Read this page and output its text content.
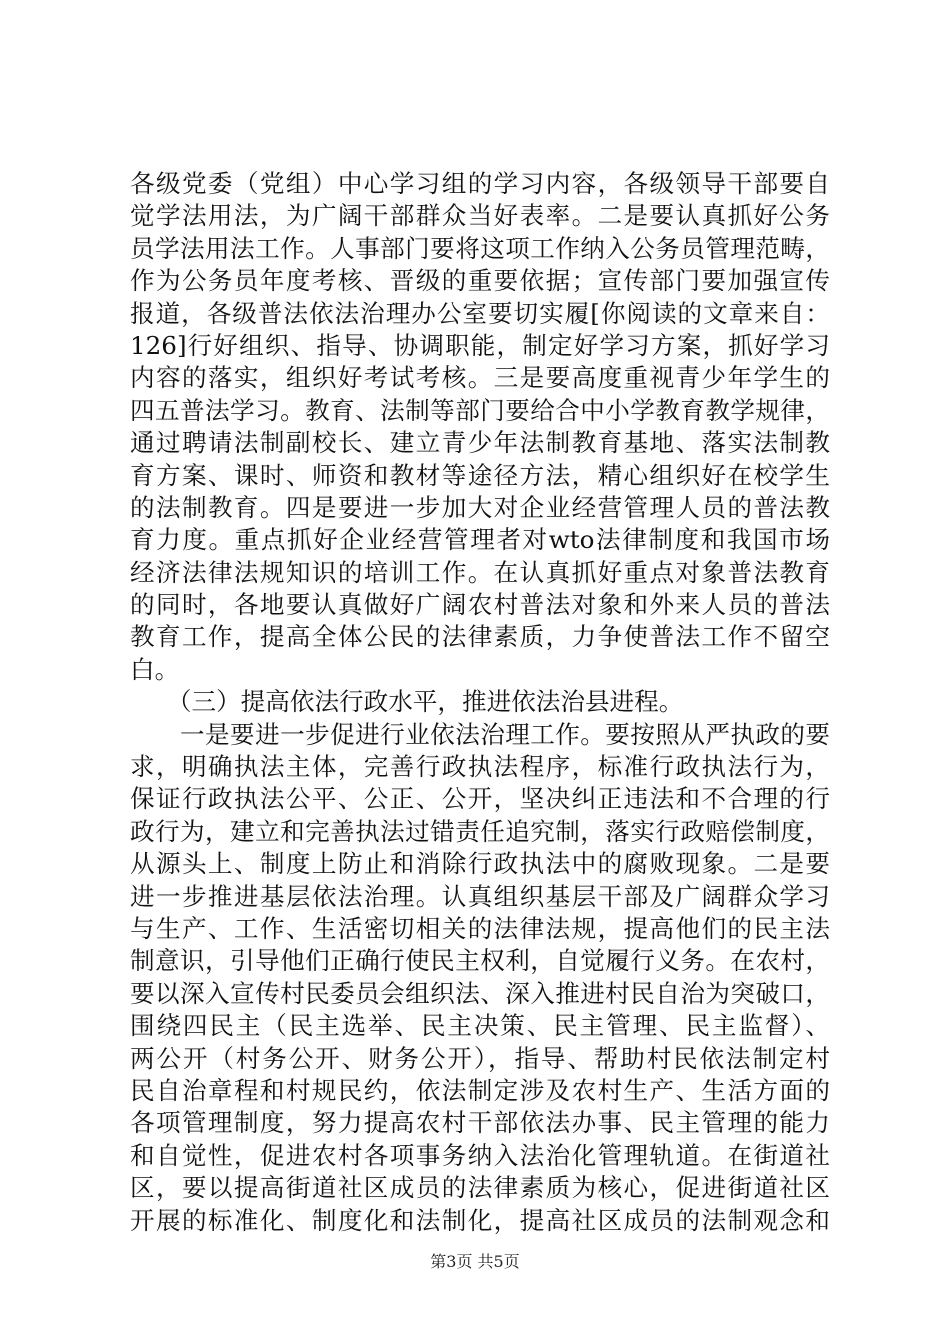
各级党委（党组）中心学习组的学习内容，各级领导干部要自
觉学法用法，为广阔干部群众当好表率。二是要认真抓好公务
员学法用法工作。人事部门要将这项工作纳入公务员管理范畴，
作为公务员年度考核、晋级的重要依据；宣传部门要加强宣传
报道，各级普法依法治理办公室要切实履[你阅读的文章来自：
126]行好组织、指导、协调职能，制定好学习方案，抓好学习
内容的落实，组织好考试考核。三是要高度重视青少年学生的
四五普法学习。教育、法制等部门要给合中小学教育教学规律，
通过聘请法制副校长、建立青少年法制教育基地、落实法制教
育方案、课时、师资和教材等途径方法，精心组织好在校学生
的法制教育。四是要进一步加大对企业经营管理人员的普法教
育力度。重点抓好企业经营管理者对wto法律制度和我国市场
经济法律法规知识的培训工作。在认真抓好重点对象普法教育
的同时，各地要认真做好广阔农村普法对象和外来人员的普法
教育工作，提高全体公民的法律素质，力争使普法工作不留空
白。
　　（三）提高依法行政水平，推进依法治县进程。
　　一是要进一步促进行业依法治理工作。要按照从严执政的要
求，明确执法主体，完善行政执法程序，标准行政执法行为，
保证行政执法公平、公正、公开，坚决纠正违法和不合理的行
政行为，建立和完善执法过错责任追究制，落实行政赔偿制度，
从源头上、制度上防止和消除行政执法中的腐败现象。二是要
进一步推进基层依法治理。认真组织基层干部及广阔群众学习
与生产、工作、生活密切相关的法律法规，提高他们的民主法
制意识，引导他们正确行使民主权利，自觉履行义务。在农村，
要以深入宣传村民委员会组织法、深入推进村民自治为突破口，
围绕四民主（民主选举、民主决策、民主管理、民主监督）、
两公开（村务公开、财务公开），指导、帮助村民依法制定村
民自治章程和村规民约，依法制定涉及农村生产、生活方面的
各项管理制度，努力提高农村干部依法办事、民主管理的能力
和自觉性，促进农村各项事务纳入法治化管理轨道。在街道社
区，要以提高街道社区成员的法律素质为核心，促进街道社区
开展的标准化、制度化和法制化，提高社区成员的法制观念和
第3页 共5页
